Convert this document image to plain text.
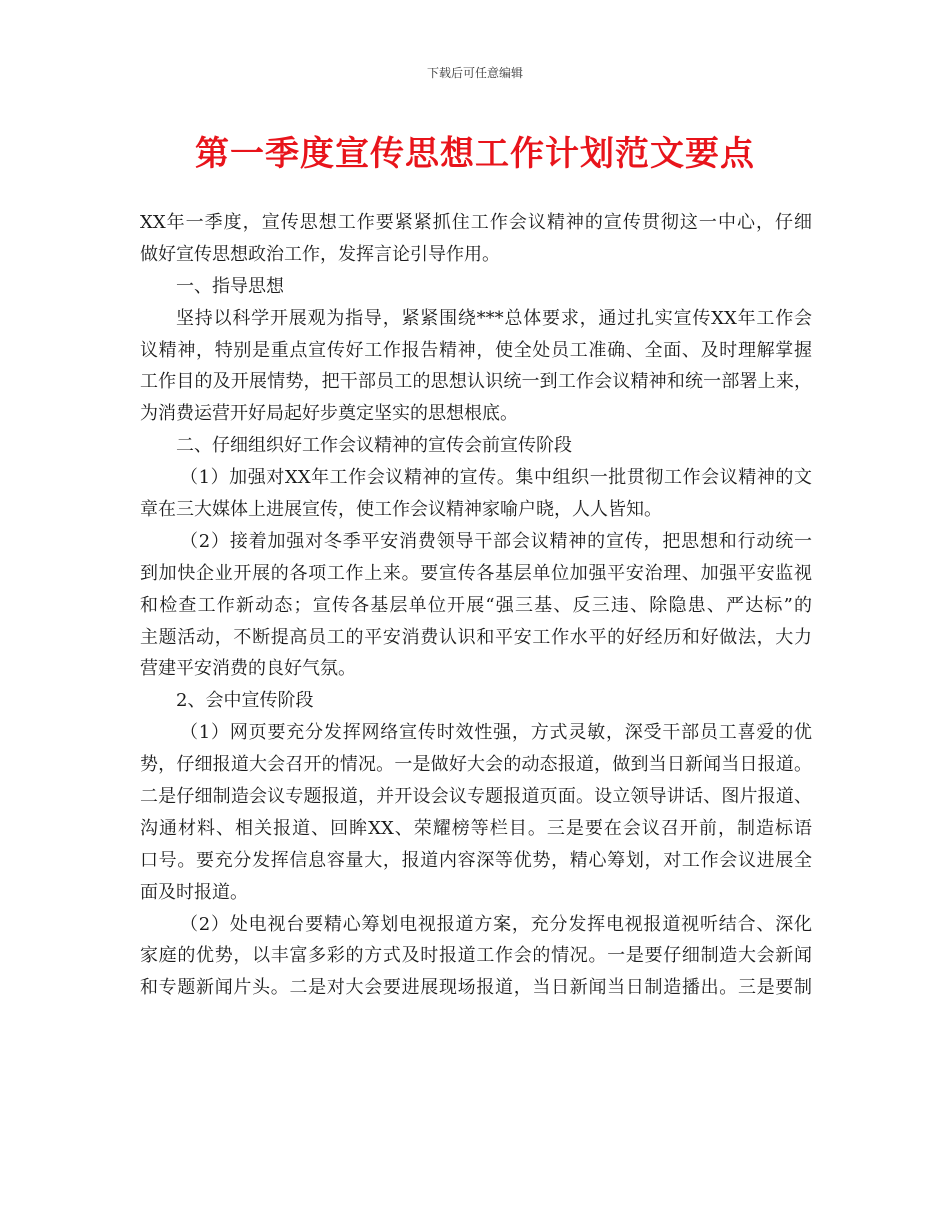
下载后可任意编辑
第一季度宣传思想工作计划范文要点
XX年一季度，宣传思想工作要紧紧抓住工作会议精神的宣传贯彻这一中心，仔细
做好宣传思想政治工作，发挥言论引导作用。
一、指导思想
坚持以科学开展观为指导，紧紧围绕***总体要求，通过扎实宣传XX年工作会
议精神，特别是重点宣传好工作报告精神，使全处员工准确、全面、及时理解掌握
工作目的及开展情势，把干部员工的思想认识统一到工作会议精神和统一部署上来，
为消费运营开好局起好步奠定坚实的思想根底。
二、仔细组织好工作会议精神的宣传会前宣传阶段
（1）加强对XX年工作会议精神的宣传。集中组织一批贯彻工作会议精神的文
章在三大媒体上进展宣传，使工作会议精神家喻户晓，人人皆知。
（2）接着加强对冬季平安消费领导干部会议精神的宣传，把思想和行动统一
到加快企业开展的各项工作上来。要宣传各基层单位加强平安治理、加强平安监视
和检查工作新动态；宣传各基层单位开展“强三基、反三违、除隐患、严达标”的
主题活动，不断提高员工的平安消费认识和平安工作水平的好经历和好做法，大力
营建平安消费的良好气氛。
2、会中宣传阶段
（1）网页要充分发挥网络宣传时效性强，方式灵敏，深受干部员工喜爱的优
势，仔细报道大会召开的情况。一是做好大会的动态报道，做到当日新闻当日报道。
二是仔细制造会议专题报道，并开设会议专题报道页面。设立领导讲话、图片报道、
沟通材料、相关报道、回眸XX、荣耀榜等栏目。三是要在会议召开前，制造标语
口号。要充分发挥信息容量大，报道内容深等优势，精心筹划，对工作会议进展全
面及时报道。
（2）处电视台要精心筹划电视报道方案，充分发挥电视报道视听结合、深化
家庭的优势，以丰富多彩的方式及时报道工作会的情况。一是要仔细制造大会新闻
和专题新闻片头。二是对大会要进展现场报道，当日新闻当日制造播出。三是要制
